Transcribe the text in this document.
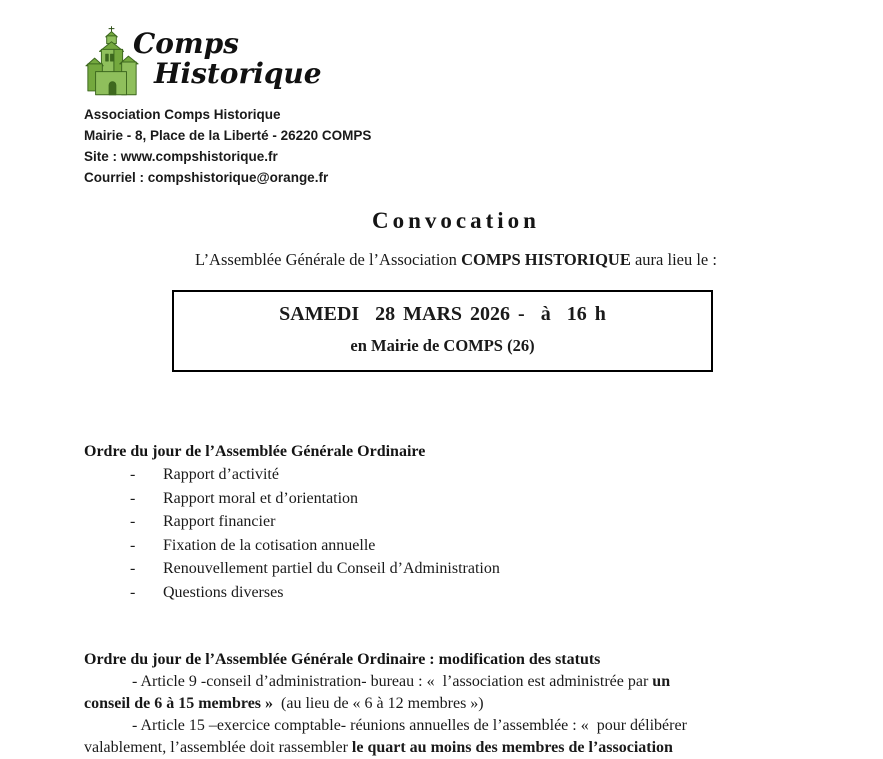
Comps
Historique
Association Comps Historique
Mairie - 8, Place de la Liberté - 26220 COMPS
Site : www.compshistorique.fr
Courriel : compshistorique@orange.fr
Convocation
L’Assemblée Générale de l’Association COMPS HISTORIQUE aura lieu le :
SAMEDI  28 MARS 2026 -  à  16 h
en Mairie de COMPS (26)
Ordre du jour de l’Assemblée Générale Ordinaire
- Rapport d’activité
- Rapport moral et d’orientation
- Rapport financier
- Fixation de la cotisation annuelle
- Renouvellement partiel du Conseil d’Administration
- Questions diverses
Ordre du jour de l’Assemblée Générale Ordinaire : modification des statuts

- Article 9 -conseil d’administration- bureau : «  l’association est administrée par un
conseil de 6 à 15 membres »  (au lieu de « 6 à 12 membres »)

- Article 15 –exercice comptable- réunions annuelles de l’assemblée : «  pour délibérer
valablement, l’assemblée doit rassembler le quart au moins des membres de l’association
